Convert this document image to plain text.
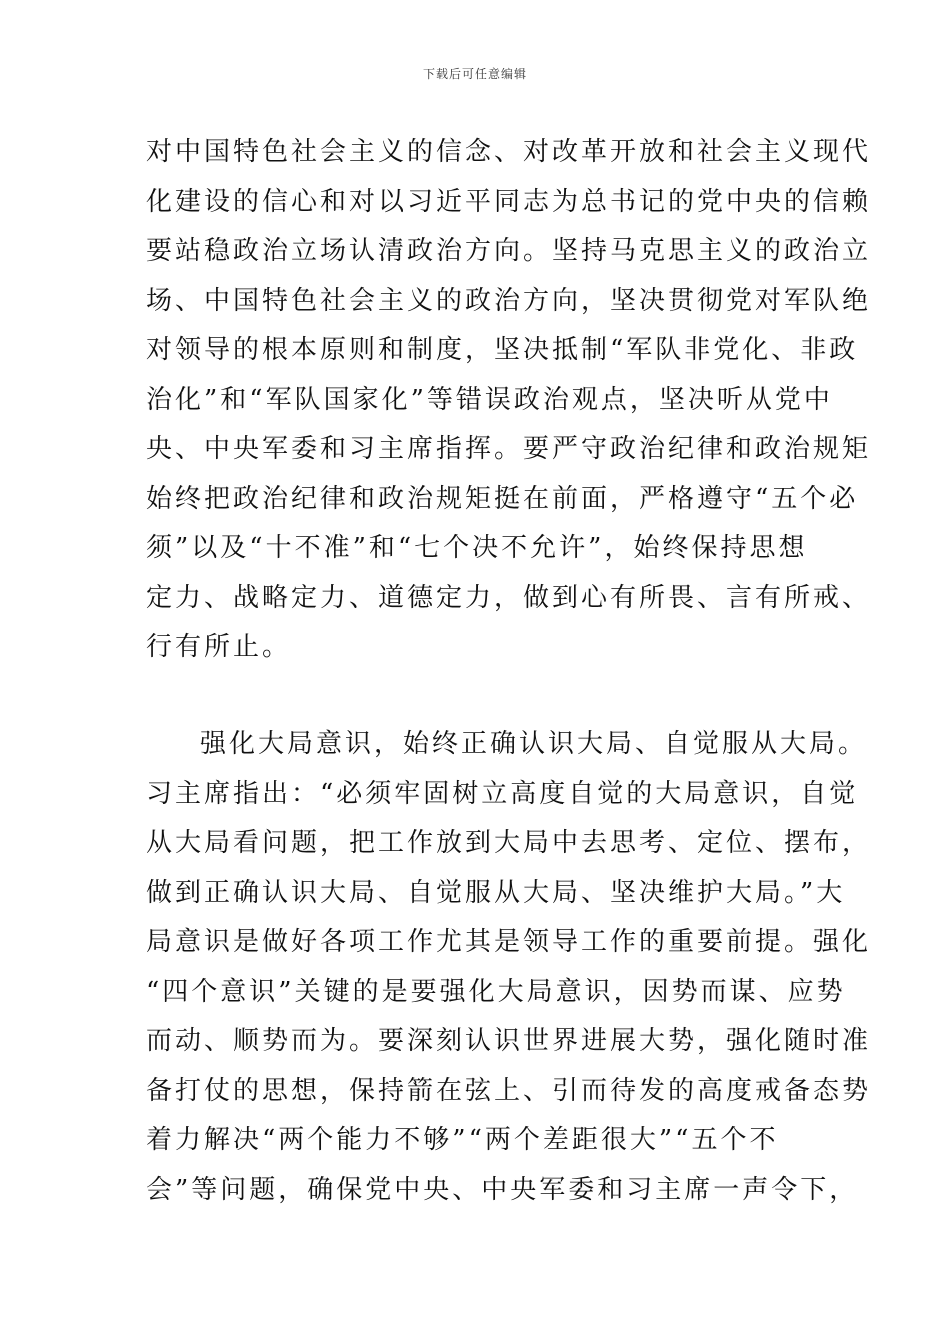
下载后可任意编辑
对中国特色社会主义的信念、对改革开放和社会主义现代
化建设的信心和对以习近平同志为总书记的党中央的信赖
要站稳政治立场认清政治方向。坚持马克思主义的政治立
场、中国特色社会主义的政治方向，坚决贯彻党对军队绝
对领导的根本原则和制度，坚决抵制“军队非党化、非政
治化”和“军队国家化”等错误政治观点，坚决听从党中
央、中央军委和习主席指挥。要严守政治纪律和政治规矩
始终把政治纪律和政治规矩挺在前面，严格遵守“五个必
须”以及“十不准”和“七个决不允许”，始终保持思想
定力、战略定力、道德定力，做到心有所畏、言有所戒、
行有所止。
强化大局意识，始终正确认识大局、自觉服从大局。
习主席指出：“必须牢固树立高度自觉的大局意识，自觉
从大局看问题，把工作放到大局中去思考、定位、摆布，
做到正确认识大局、自觉服从大局、坚决维护大局。”大
局意识是做好各项工作尤其是领导工作的重要前提。强化
“四个意识”关键的是要强化大局意识，因势而谋、应势
而动、顺势而为。要深刻认识世界进展大势，强化随时准
备打仗的思想，保持箭在弦上、引而待发的高度戒备态势
着力解决“两个能力不够”“两个差距很大”“五个不
会”等问题，确保党中央、中央军委和习主席一声令下，
